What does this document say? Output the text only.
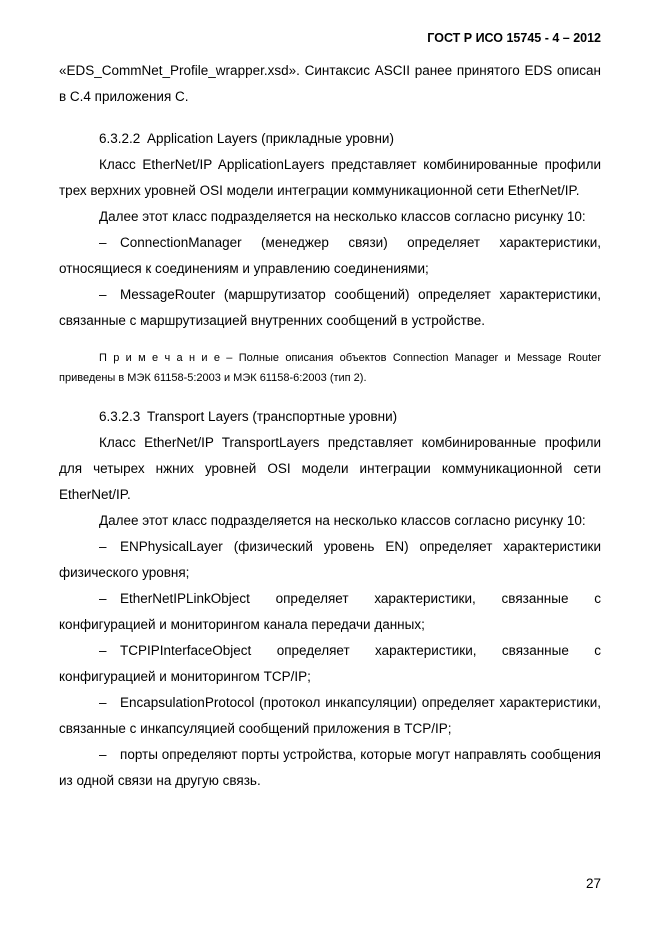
ГОСТ Р ИСО 15745 - 4 – 2012

«EDS_CommNet_Profile_wrapper.xsd». Синтаксис ASCII ранее принятого EDS описан в C.4 приложения C.

6.3.2.2 Application Layers (прикладные уровни)

Класс EtherNet/IP ApplicationLayers представляет комбинированные профили трех верхних уровней OSI модели интеграции коммуникационной сети EtherNet/IP.

Далее этот класс подразделяется на несколько классов согласно рисунку 10:

– ConnectionManager (менеджер связи) определяет характеристики, относящиеся к соединениям и управлению соединениями;

– MessageRouter (маршрутизатор сообщений) определяет характеристики, связанные с маршрутизацией внутренних сообщений в устройстве.

П р и м е ч а н и е – Полные описания объектов Connection Manager и Message Router приведены в МЭК 61158-5:2003 и МЭК 61158-6:2003 (тип 2).

6.3.2.3 Transport Layers (транспортные уровни)

Класс EtherNet/IP TransportLayers представляет комбинированные профили для четырех нжних уровней OSI модели интеграции коммуникационной сети EtherNet/IP.

Далее этот класс подразделяется на несколько классов согласно рисунку 10:

– ENPhysicalLayer (физический уровень EN) определяет характеристики физического уровня;

– EtherNetIPLinkObject определяет характеристики, связанные с конфигурацией и мониторингом канала передачи данных;

– TCPIPInterfaceObject определяет характеристики, связанные с конфигурацией и мониторингом TCP/IP;

– EncapsulationProtocol (протокол инкапсуляции) определяет характеристики, связанные с инкапсуляцией сообщений приложения в TCP/IP;

– порты определяют порты устройства, которые могут направлять сообщения из одной связи на другую связь.

27
